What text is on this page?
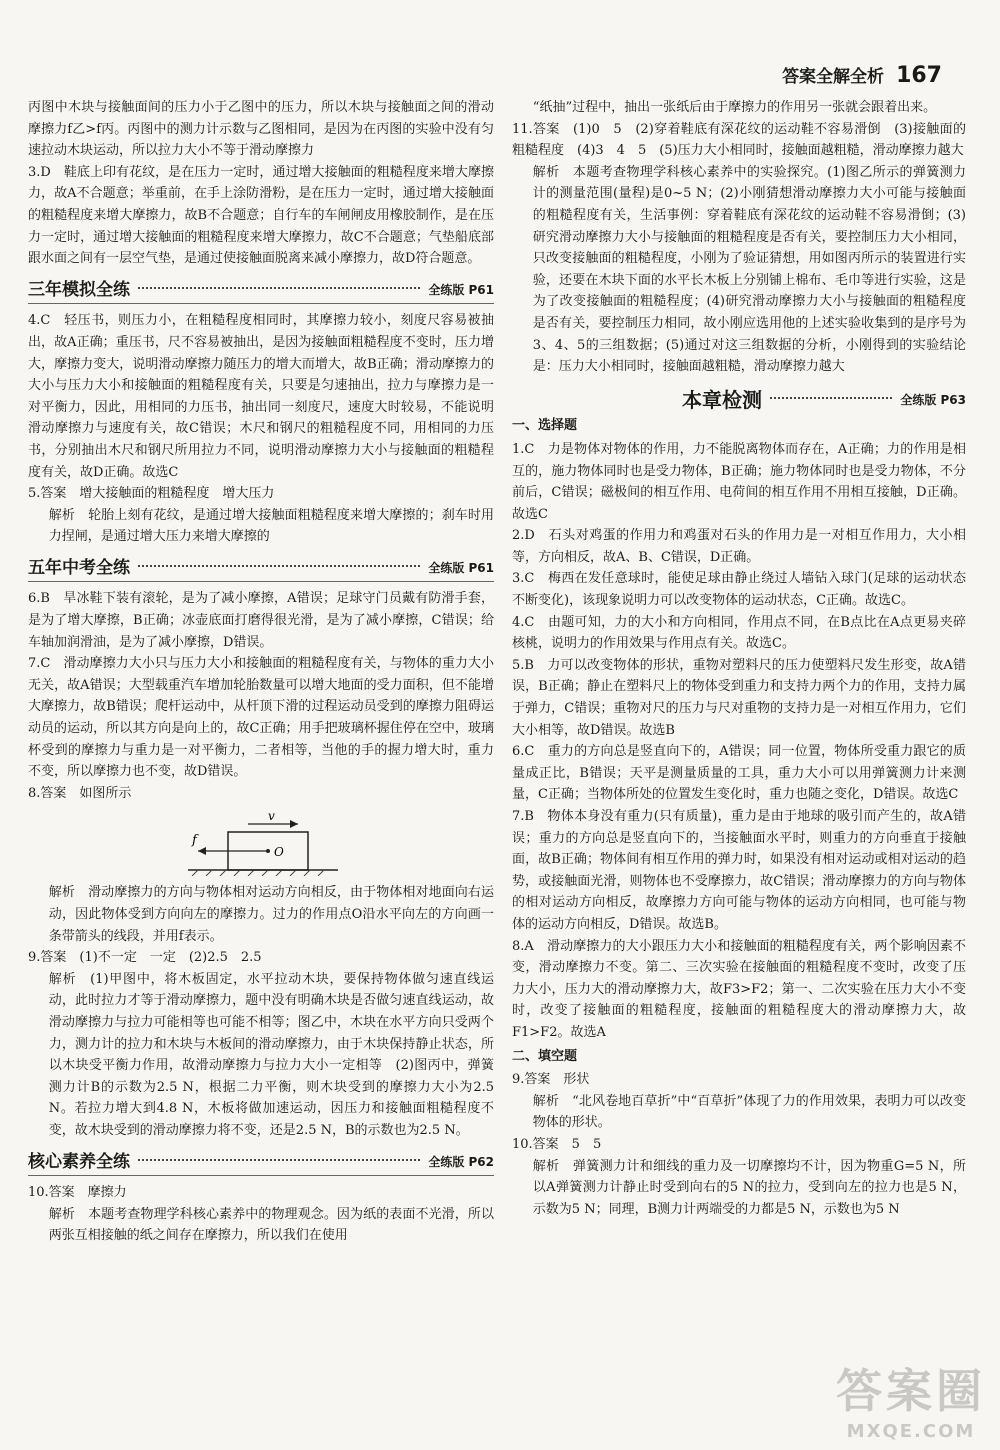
答案全解全析 167

丙图中木块与接触面间的压力小于乙图中的压力，所以木块与接触面之间的滑动摩擦力f乙>f丙。丙图中的测力计示数与乙图相同，是因为在丙图的实验中没有匀速拉动木块运动，所以拉力大小不等于滑动摩擦力

3.D　鞋底上印有花纹，是在压力一定时，通过增大接触面的粗糙程度来增大摩擦力，故A不合题意；举重前，在手上涂防滑粉，是在压力一定时，通过增大接触面的粗糙程度来增大摩擦力，故B不合题意；自行车的车闸闸皮用橡胶制作，是在压力一定时，通过增大接触面的粗糙程度来增大摩擦力，故C不合题意；气垫船底部跟水面之间有一层空气垫，是通过使接触面脱离来减小摩擦力，故D符合题意。

三年模拟全练	全练版 P61

4.C　轻压书，则压力小，在粗糙程度相同时，其摩擦力较小，刻度尺容易被抽出，故A正确；重压书，尺不容易被抽出，是因为接触面粗糙程度不变时，压力增大，摩擦力变大，说明滑动摩擦力随压力的增大而增大，故B正确；滑动摩擦力的大小与压力大小和接触面的粗糙程度有关，只要是匀速抽出，拉力与摩擦力是一对平衡力，因此，用相同的力压书，抽出同一刻度尺，速度大时较易，不能说明滑动摩擦力与速度有关，故C错误；木尺和钢尺的粗糙程度不同，用相同的力压书，分别抽出木尺和钢尺所用拉力不同，说明滑动摩擦力大小与接触面的粗糙程度有关，故D正确。故选C

5.答案　增大接触面的粗糙程度　增大压力

解析　轮胎上刻有花纹，是通过增大接触面粗糙程度来增大摩擦的；刹车时用力捏闸，是通过增大压力来增大摩擦的

五年中考全练	全练版 P61

6.B　旱冰鞋下装有滚轮，是为了减小摩擦，A错误；足球守门员戴有防滑手套，是为了增大摩擦，B正确；冰壶底面打磨得很光滑，是为了减小摩擦，C错误；给车轴加润滑油，是为了减小摩擦，D错误。

7.C　滑动摩擦力大小只与压力大小和接触面的粗糙程度有关，与物体的重力大小无关，故A错误；大型载重汽车增加轮胎数量可以增大地面的受力面积，但不能增大摩擦力，故B错误；爬杆运动中，从杆顶下滑的过程运动员受到的摩擦力阻碍运动员的运动，所以其方向是向上的，故C正确；用手把玻璃杯握住停在空中，玻璃杯受到的摩擦力与重力是一对平衡力，二者相等，当他的手的握力增大时，重力不变，所以摩擦力也不变，故D错误。

8.答案　如图所示

v
f
O

解析　滑动摩擦力的方向与物体相对运动方向相反，由于物体相对地面向右运动，因此物体受到方向向左的摩擦力。过力的作用点O沿水平向左的方向画一条带箭头的线段，并用f表示。

9.答案　(1)不一定　一定　(2)2.5　2.5

解析　(1)甲图中，将木板固定，水平拉动木块，要保持物体做匀速直线运动，此时拉力才等于滑动摩擦力，题中没有明确木块是否做匀速直线运动，故滑动摩擦力与拉力可能相等也可能不相等；图乙中，木块在水平方向只受两个力，测力计的拉力和木块与木板间的滑动摩擦力，由于木块保持静止状态，所以木块受平衡力作用，故滑动摩擦力与拉力大小一定相等　(2)图丙中，弹簧测力计B的示数为2.5 N，根据二力平衡，则木块受到的摩擦力大小为2.5 N。若拉力增大到4.8 N，木板将做加速运动，因压力和接触面粗糙程度不变，故木块受到的滑动摩擦力将不变，还是2.5 N，B的示数也为2.5 N。

核心素养全练	全练版 P62

10.答案　摩擦力

解析　本题考查物理学科核心素养中的物理观念。因为纸的表面不光滑，所以两张互相接触的纸之间存在摩擦力，所以我们在使用

“纸抽”过程中，抽出一张纸后由于摩擦力的作用另一张就会跟着出来。

11.答案　(1)0　5　(2)穿着鞋底有深花纹的运动鞋不容易滑倒　(3)接触面的粗糙程度　(4)3　4　5　(5)压力大小相同时，接触面越粗糙，滑动摩擦力越大

解析　本题考查物理学科核心素养中的实验探究。(1)图乙所示的弹簧测力计的测量范围(量程)是0~5 N；(2)小刚猜想滑动摩擦力大小可能与接触面的粗糙程度有关，生活事例：穿着鞋底有深花纹的运动鞋不容易滑倒；(3)研究滑动摩擦力大小与接触面的粗糙程度是否有关，要控制压力大小相同，只改变接触面的粗糙程度，小刚为了验证猜想，用如图丙所示的装置进行实验，还要在木块下面的水平长木板上分别铺上棉布、毛巾等进行实验，这是为了改变接触面的粗糙程度；(4)研究滑动摩擦力大小与接触面的粗糙程度是否有关，要控制压力相同，故小刚应选用他的上述实验收集到的是序号为3、4、5的三组数据；(5)通过对这三组数据的分析，小刚得到的实验结论是：压力大小相同时，接触面越粗糙，滑动摩擦力越大

本章检测	全练版 P63
一、选择题

1.C　力是物体对物体的作用，力不能脱离物体而存在，A正确；力的作用是相互的，施力物体同时也是受力物体，B正确；施力物体同时也是受力物体，不分前后，C错误；磁极间的相互作用、电荷间的相互作用不用相互接触，D正确。故选C

2.D　石头对鸡蛋的作用力和鸡蛋对石头的作用力是一对相互作用力，大小相等，方向相反，故A、B、C错误，D正确。

3.C　梅西在发任意球时，能使足球由静止绕过人墙钻入球门(足球的运动状态不断变化)，该现象说明力可以改变物体的运动状态，C正确。故选C。

4.C　由题可知，力的大小和方向相同，作用点不同，在B点比在A点更易夹碎核桃，说明力的作用效果与作用点有关。故选C。

5.B　力可以改变物体的形状，重物对塑料尺的压力使塑料尺发生形变，故A错误，B正确；静止在塑料尺上的物体受到重力和支持力两个力的作用，支持力属于弹力，C错误；重物对尺的压力与尺对重物的支持力是一对相互作用力，它们大小相等，故D错误。故选B

6.C　重力的方向总是竖直向下的，A错误；同一位置，物体所受重力跟它的质量成正比，B错误；天平是测量质量的工具，重力大小可以用弹簧测力计来测量，C正确；当物体所处的位置发生变化时，重力也随之变化，D错误。故选C

7.B　物体本身没有重力(只有质量)，重力是由于地球的吸引而产生的，故A错误；重力的方向总是竖直向下的，当接触面水平时，则重力的方向垂直于接触面，故B正确；物体间有相互作用的弹力时，如果没有相对运动或相对运动的趋势，或接触面光滑，则物体也不受摩擦力，故C错误；滑动摩擦力的方向与物体的相对运动方向相反，故摩擦力方向可能与物体的运动方向相同，也可能与物体的运动方向相反，D错误。故选B。

8.A　滑动摩擦力的大小跟压力大小和接触面的粗糙程度有关，两个影响因素不变，滑动摩擦力不变。第二、三次实验在接触面的粗糙程度不变时，改变了压力大小，压力大的滑动摩擦力大，故F3>F2；第一、二次实验在压力大小不变时，改变了接触面的粗糙程度，接触面的粗糙程度大的滑动摩擦力大，故F1>F2。故选A

二、填空题

9.答案　形状

解析　“北风卷地百草折”中“百草折”体现了力的作用效果，表明力可以改变物体的形状。

10.答案　5　5

解析　弹簧测力计和细线的重力及一切摩擦均不计，因为物重G=5 N，所以A弹簧测力计静止时受到向右的5 N的拉力，受到向左的拉力也是5 N，示数为5 N；同理，B测力计两端受的力都是5 N，示数也为5 N

答案圈
MXQE.COM
